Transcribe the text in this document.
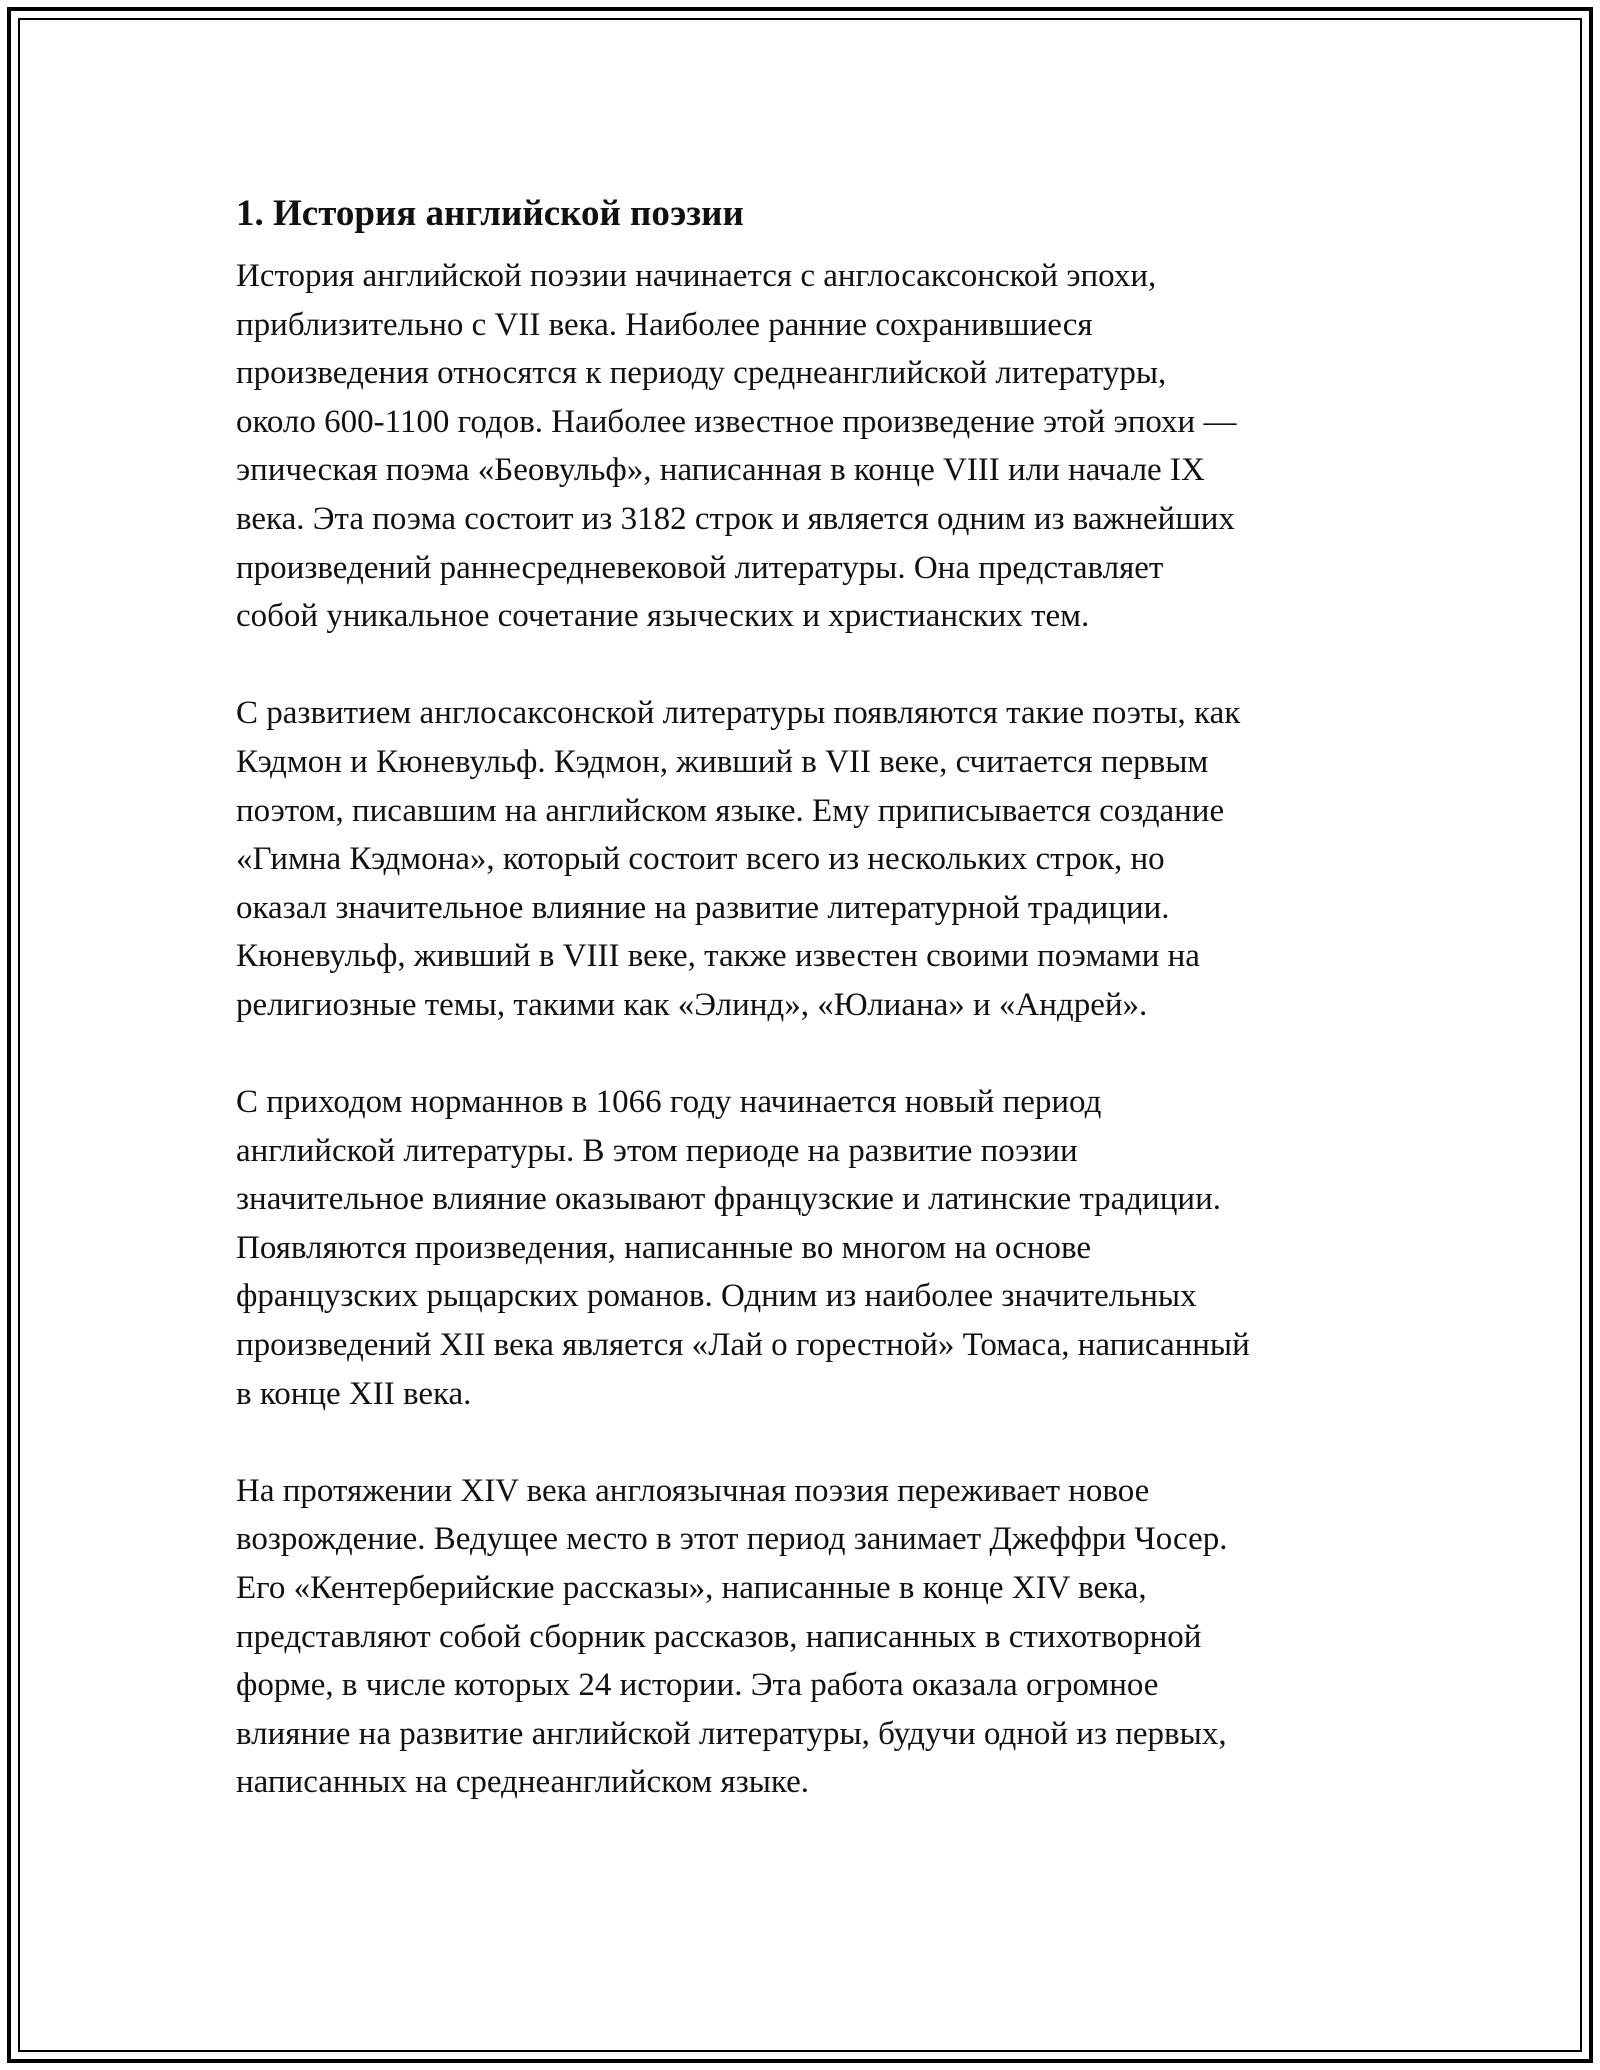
1. История английской поэзии

История английской поэзии начинается с англосаксонской эпохи,
приблизительно с VII века. Наиболее ранние сохранившиеся
произведения относятся к периоду среднеанглийской литературы,
около 600-1100 годов. Наиболее известное произведение этой эпохи —
эпическая поэма «Беовульф», написанная в конце VIII или начале IX
века. Эта поэма состоит из 3182 строк и является одним из важнейших
произведений раннесредневековой литературы. Она представляет
собой уникальное сочетание языческих и христианских тем.

С развитием англосаксонской литературы появляются такие поэты, как
Кэдмон и Кюневульф. Кэдмон, живший в VII веке, считается первым
поэтом, писавшим на английском языке. Ему приписывается создание
«Гимна Кэдмона», который состоит всего из нескольких строк, но
оказал значительное влияние на развитие литературной традиции.
Кюневульф, живший в VIII веке, также известен своими поэмами на
религиозные темы, такими как «Элинд», «Юлиана» и «Андрей».

С приходом норманнов в 1066 году начинается новый период
английской литературы. В этом периоде на развитие поэзии
значительное влияние оказывают французские и латинские традиции.
Появляются произведения, написанные во многом на основе
французских рыцарских романов. Одним из наиболее значительных
произведений XII века является «Лай о горестной» Томаса, написанный
в конце XII века.

На протяжении XIV века англоязычная поэзия переживает новое
возрождение. Ведущее место в этот период занимает Джеффри Чосер.
Его «Кентерберийские рассказы», написанные в конце XIV века,
представляют собой сборник рассказов, написанных в стихотворной
форме, в числе которых 24 истории. Эта работа оказала огромное
влияние на развитие английской литературы, будучи одной из первых,
написанных на среднеанглийском языке.
